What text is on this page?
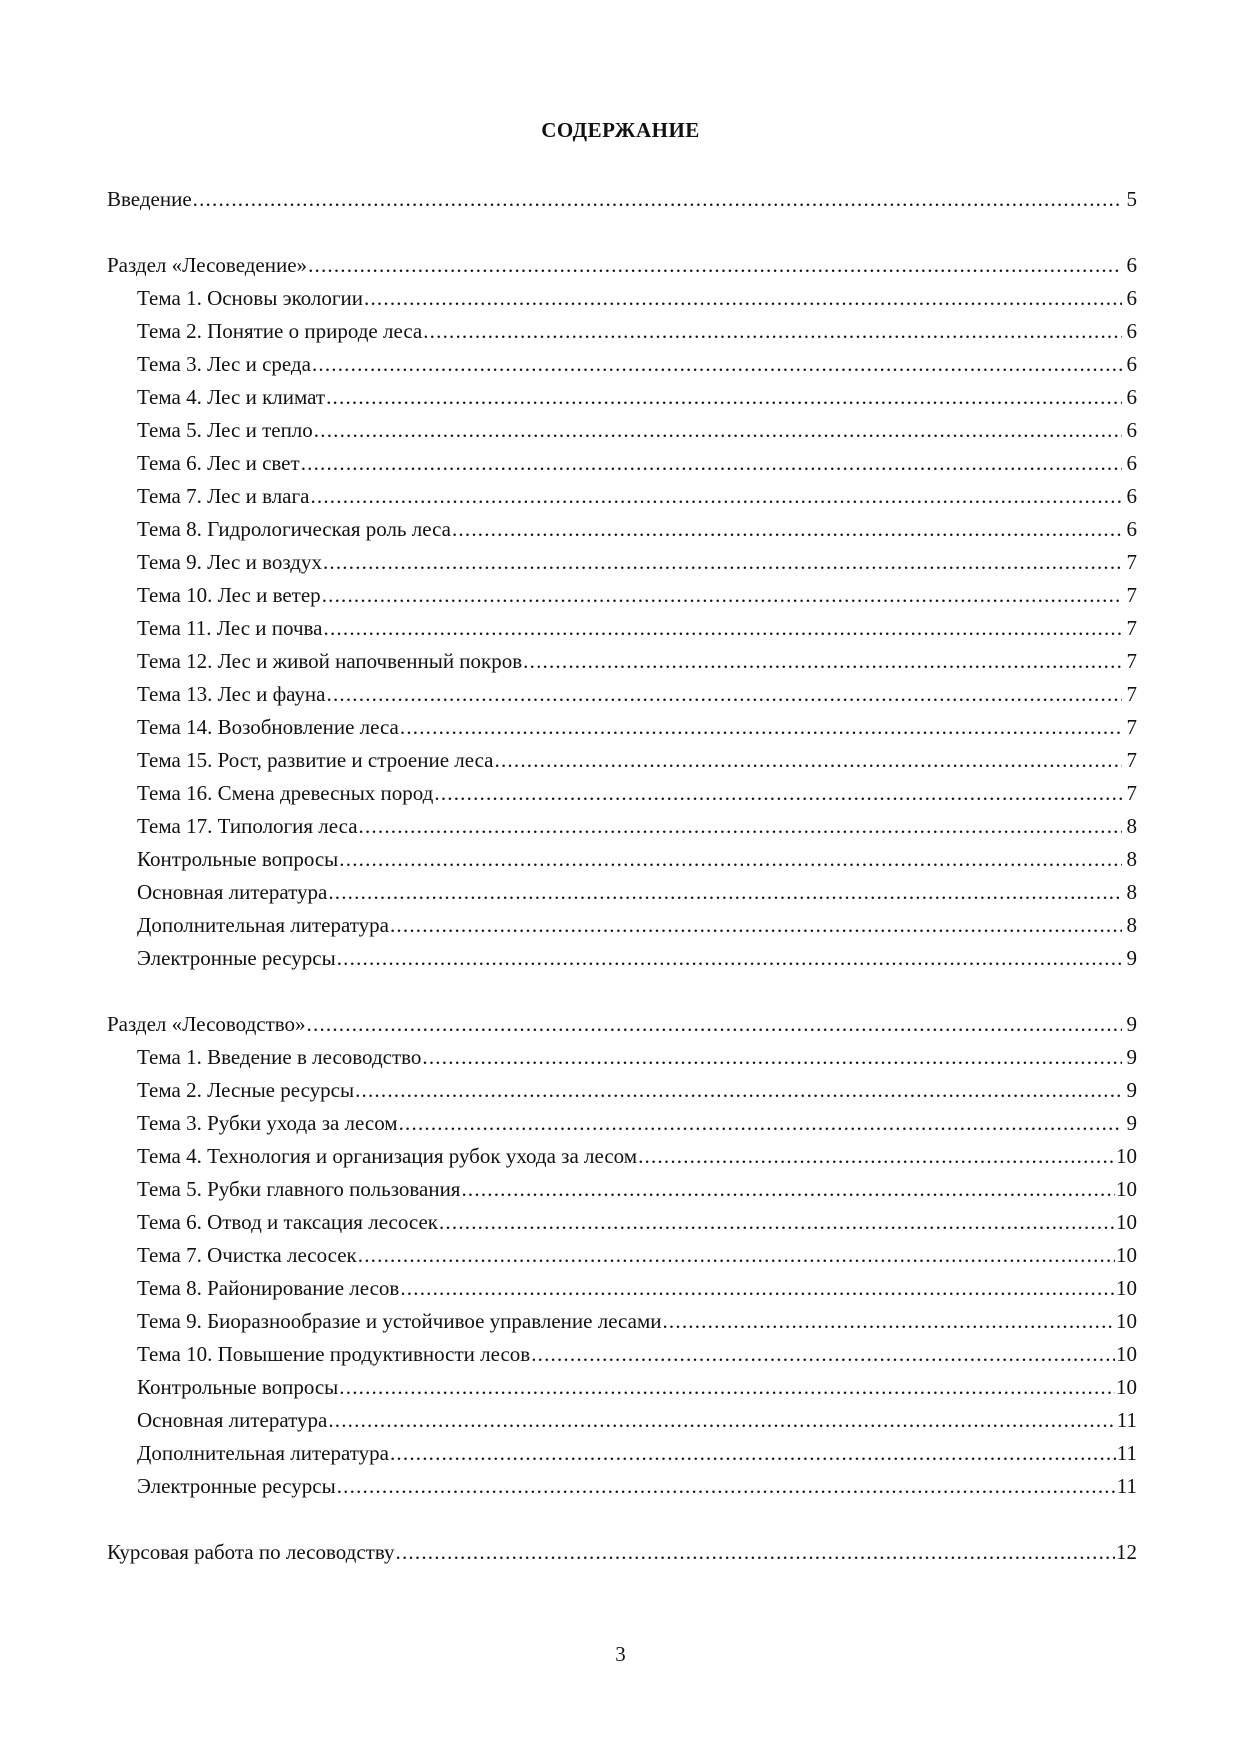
СОДЕРЖАНИЕ
Введение .....	5
Раздел «Лесоведение» .....	6
Тема 1. Основы экологии .....	6
Тема 2. Понятие о природе леса .....	6
Тема 3. Лес и среда .....	6
Тема 4. Лес и климат .....	6
Тема 5. Лес и тепло .....	6
Тема 6. Лес и свет .....	6
Тема 7. Лес и влага .....	6
Тема 8. Гидрологическая роль леса .....	6
Тема 9. Лес и воздух .....	7
Тема 10. Лес и ветер .....	7
Тема 11. Лес и почва .....	7
Тема 12. Лес и живой напочвенный покров .....	7
Тема 13. Лес и фауна .....	7
Тема 14. Возобновление леса .....	7
Тема 15. Рост, развитие и строение леса .....	7
Тема 16. Смена древесных пород .....	7
Тема 17. Типология леса .....	8
Контрольные вопросы .....	8
Основная литература .....	8
Дополнительная литература .....	8
Электронные ресурсы .....	9
Раздел «Лесоводство» .....	9
Тема 1. Введение в лесоводство .....	9
Тема 2. Лесные ресурсы .....	9
Тема 3. Рубки ухода за лесом .....	9
Тема 4. Технология и организация рубок ухода за лесом .....	10
Тема 5. Рубки главного пользования .....	10
Тема 6. Отвод и таксация лесосек .....	10
Тема 7. Очистка лесосек .....	10
Тема 8. Районирование лесов .....	10
Тема 9. Биоразнообразие и устойчивое управление лесами .....	10
Тема 10. Повышение продуктивности лесов .....	10
Контрольные вопросы .....	10
Основная литература .....	11
Дополнительная литература .....	11
Электронные ресурсы .....	11
Курсовая работа по лесоводству .....	12
3
